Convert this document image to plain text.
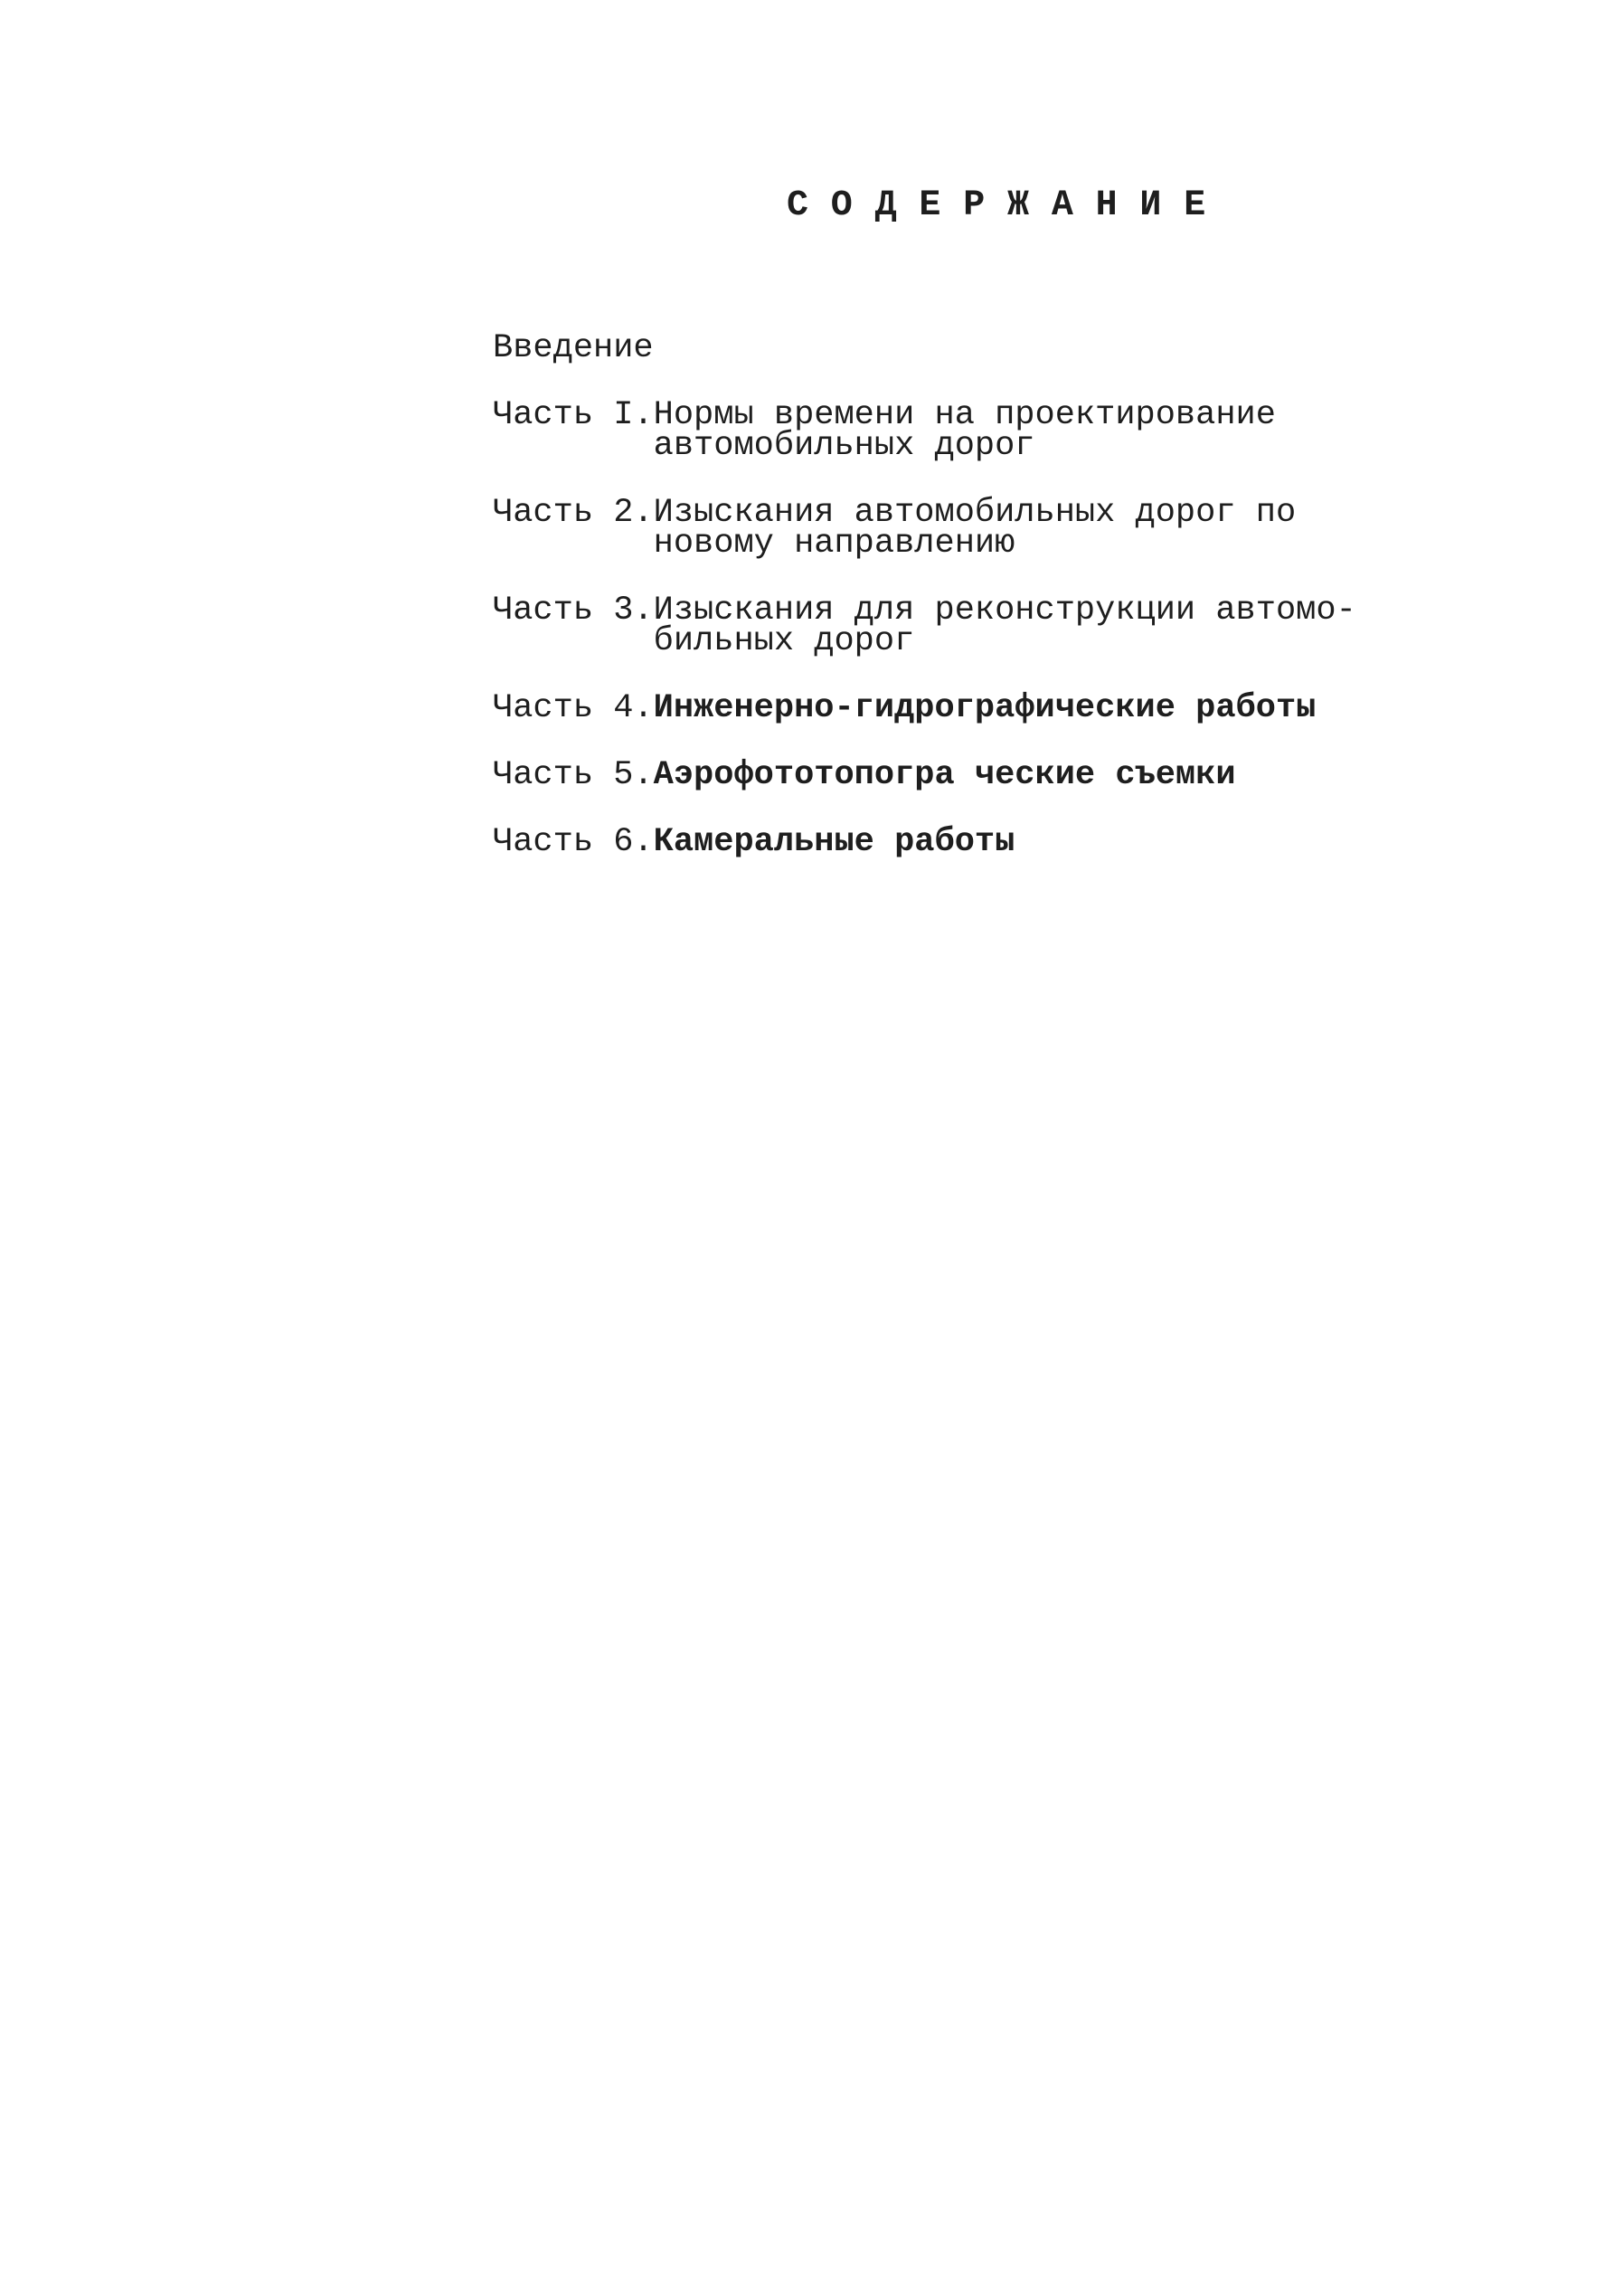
СОДЕРЖАНИЕ
Введение
Часть I. Нормы времени на проектирование
автомобильных дорог
Часть 2. Изыскания автомобильных дорог по
новому направлению
Часть 3. Изыскания для реконструкции автомо-
бильных дорог
Часть 4. Инженерно-гидрографические работы
Часть 5. Аэрофототопогра ческие съемки
Часть 6. Камеральные работы
